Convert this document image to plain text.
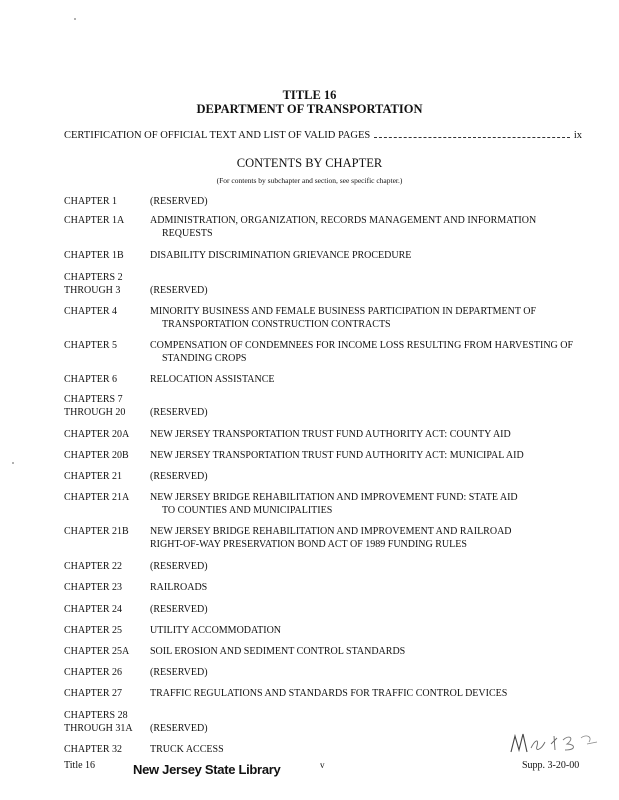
TITLE 16
DEPARTMENT OF TRANSPORTATION
CERTIFICATION OF OFFICIAL TEXT AND LIST OF VALID PAGES	ix
CONTENTS BY CHAPTER
(For contents by subchapter and section, see specific chapter.)
CHAPTER 1	(RESERVED)
CHAPTER 1A	ADMINISTRATION, ORGANIZATION, RECORDS MANAGEMENT AND INFORMATION
REQUESTS
CHAPTER 1B	DISABILITY DISCRIMINATION GRIEVANCE PROCEDURE
CHAPTERS 2
THROUGH 3	(RESERVED)
CHAPTER 4	MINORITY BUSINESS AND FEMALE BUSINESS PARTICIPATION IN DEPARTMENT OF
TRANSPORTATION CONSTRUCTION CONTRACTS
CHAPTER 5	COMPENSATION OF CONDEMNEES FOR INCOME LOSS RESULTING FROM HARVESTING OF
STANDING CROPS
CHAPTER 6	RELOCATION ASSISTANCE
CHAPTERS 7
THROUGH 20	(RESERVED)
CHAPTER 20A	NEW JERSEY TRANSPORTATION TRUST FUND AUTHORITY ACT: COUNTY AID
CHAPTER 20B	NEW JERSEY TRANSPORTATION TRUST FUND AUTHORITY ACT: MUNICIPAL AID
CHAPTER 21	(RESERVED)
CHAPTER 21A	NEW JERSEY BRIDGE REHABILITATION AND IMPROVEMENT FUND: STATE AID
TO COUNTIES AND MUNICIPALITIES
CHAPTER 21B	NEW JERSEY BRIDGE REHABILITATION AND IMPROVEMENT AND RAILROAD
RIGHT-OF-WAY PRESERVATION BOND ACT OF 1989 FUNDING RULES
CHAPTER 22	(RESERVED)
CHAPTER 23	RAILROADS
CHAPTER 24	(RESERVED)
CHAPTER 25	UTILITY ACCOMMODATION
CHAPTER 25A	SOIL EROSION AND SEDIMENT CONTROL STANDARDS
CHAPTER 26	(RESERVED)
CHAPTER 27	TRAFFIC REGULATIONS AND STANDARDS FOR TRAFFIC CONTROL DEVICES
CHAPTERS 28
THROUGH 31A	(RESERVED)
CHAPTER 32	TRUCK ACCESS
Title 16	New Jersey State Library	v	Supp. 3-20-00
